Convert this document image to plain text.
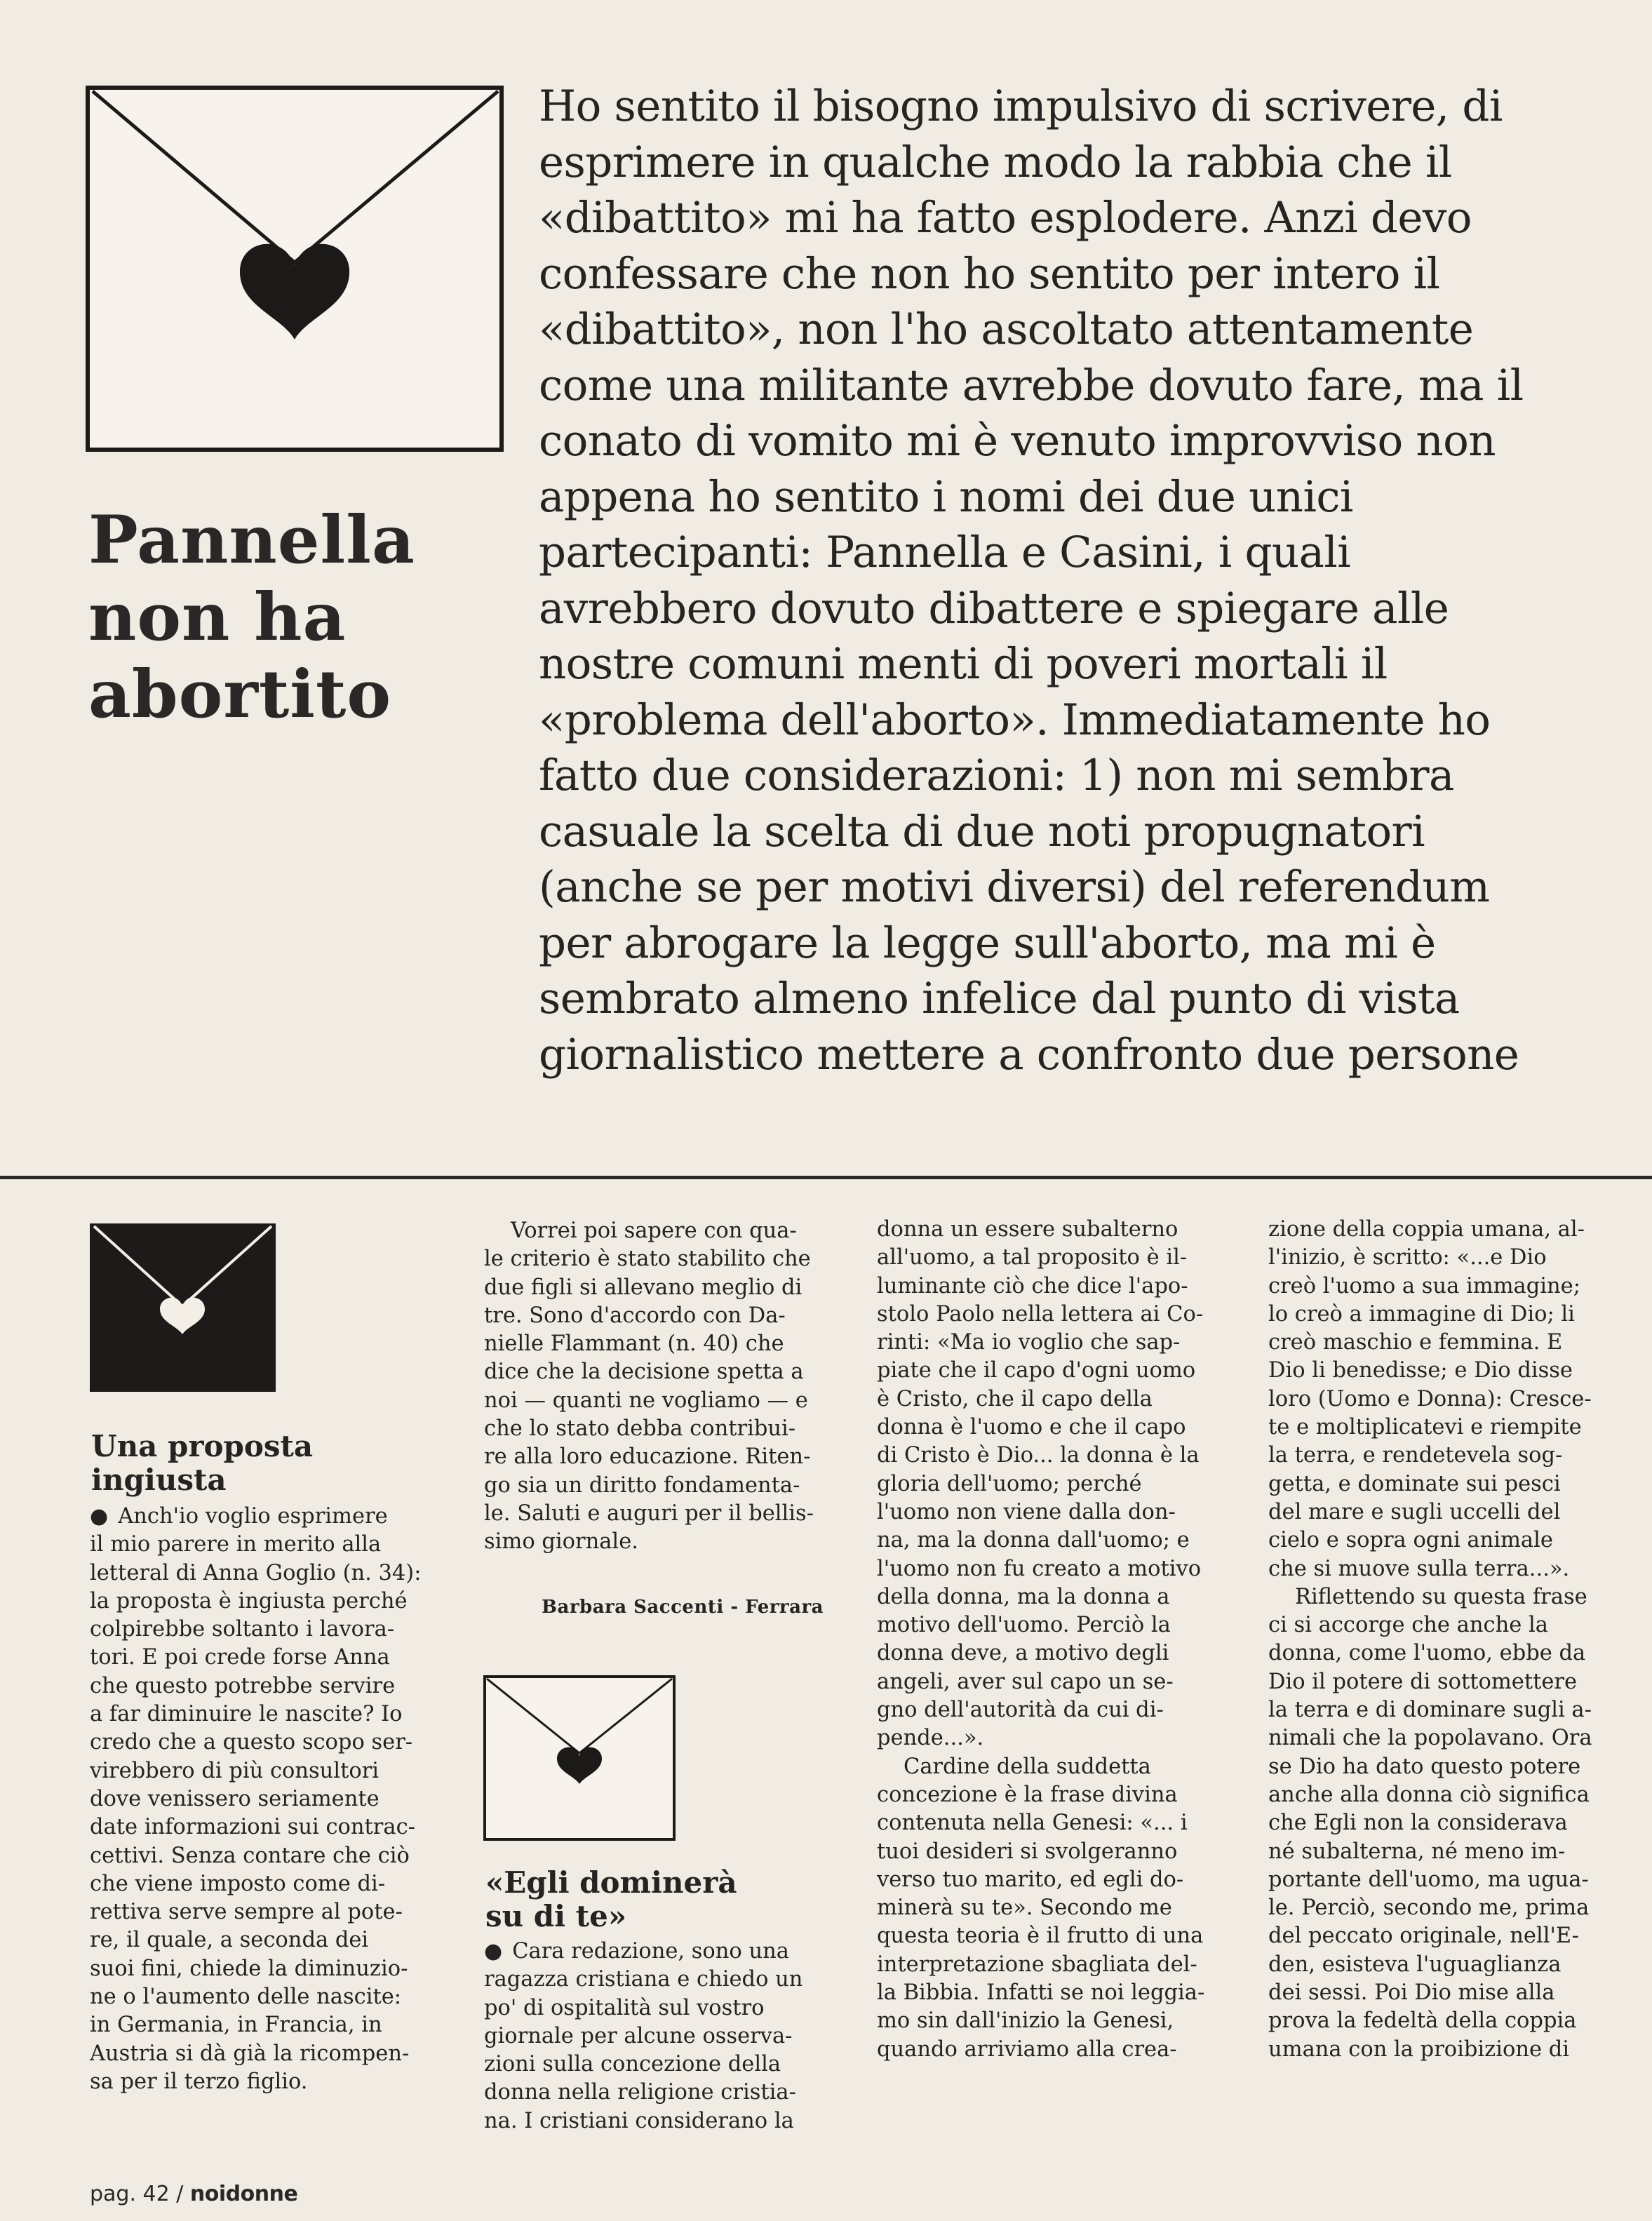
Pannella
non ha
abortito

Ho sentito il bisogno impulsivo di scrivere, di
esprimere in qualche modo la rabbia che il
«dibattito» mi ha fatto esplodere. Anzi devo
confessare che non ho sentito per intero il
«dibattito», non l'ho ascoltato attentamente
come una militante avrebbe dovuto fare, ma il
conato di vomito mi è venuto improvviso non
appena ho sentito i nomi dei due unici
partecipanti: Pannella e Casini, i quali
avrebbero dovuto dibattere e spiegare alle
nostre comuni menti di poveri mortali il
«problema dell'aborto». Immediatamente ho
fatto due considerazioni: 1) non mi sembra
casuale la scelta di due noti propugnatori
(anche se per motivi diversi) del referendum
per abrogare la legge sull'aborto, ma mi è
sembrato almeno infelice dal punto di vista
giornalistico mettere a confronto due persone

Una proposta
ingiusta
● Anch'io voglio esprimere
il mio parere in merito alla
letteral di Anna Goglio (n. 34):
la proposta è ingiusta perché
colpirebbe soltanto i lavora-
tori. E poi crede forse Anna
che questo potrebbe servire
a far diminuire le nascite? Io
credo che a questo scopo ser-
virebbero di più consultori
dove venissero seriamente
date informazioni sui contrac-
cettivi. Senza contare che ciò
che viene imposto come di-
rettiva serve sempre al pote-
re, il quale, a seconda dei
suoi fini, chiede la diminuzio-
ne o l'aumento delle nascite:
in Germania, in Francia, in
Austria si dà già la ricompen-
sa per il terzo figlio.
Vorrei poi sapere con qua-
le criterio è stato stabilito che
due figli si allevano meglio di
tre. Sono d'accordo con Da-
nielle Flammant (n. 40) che
dice che la decisione spetta a
noi — quanti ne vogliamo — e
che lo stato debba contribui-
re alla loro educazione. Riten-
go sia un diritto fondamenta-
le. Saluti e auguri per il bellis-
simo giornale.
Barbara Saccenti - Ferrara
«Egli dominerà
su di te»
● Cara redazione, sono una
ragazza cristiana e chiedo un
po' di ospitalità sul vostro
giornale per alcune osserva-
zioni sulla concezione della
donna nella religione cristia-
na. I cristiani considerano la
donna un essere subalterno
all'uomo, a tal proposito è il-
luminante ciò che dice l'apo-
stolo Paolo nella lettera ai Co-
rinti: «Ma io voglio che sap-
piate che il capo d'ogni uomo
è Cristo, che il capo della
donna è l'uomo e che il capo
di Cristo è Dio... la donna è la
gloria dell'uomo; perché
l'uomo non viene dalla don-
na, ma la donna dall'uomo; e
l'uomo non fu creato a motivo
della donna, ma la donna a
motivo dell'uomo. Perciò la
donna deve, a motivo degli
angeli, aver sul capo un se-
gno dell'autorità da cui di-
pende...».
Cardine della suddetta
concezione è la frase divina
contenuta nella Genesi: «... i
tuoi desideri si svolgeranno
verso tuo marito, ed egli do-
minerà su te». Secondo me
questa teoria è il frutto di una
interpretazione sbagliata del-
la Bibbia. Infatti se noi leggia-
mo sin dall'inizio la Genesi,
quando arriviamo alla crea-
zione della coppia umana, al-
l'inizio, è scritto: «...e Dio
creò l'uomo a sua immagine;
lo creò a immagine di Dio; li
creò maschio e femmina. E
Dio li benedisse; e Dio disse
loro (Uomo e Donna): Cresce-
te e moltiplicatevi e riempite
la terra, e rendetevela sog-
getta, e dominate sui pesci
del mare e sugli uccelli del
cielo e sopra ogni animale
che si muove sulla terra...».
Riflettendo su questa frase
ci si accorge che anche la
donna, come l'uomo, ebbe da
Dio il potere di sottomettere
la terra e di dominare sugli a-
nimali che la popolavano. Ora
se Dio ha dato questo potere
anche alla donna ciò significa
che Egli non la considerava
né subalterna, né meno im-
portante dell'uomo, ma ugua-
le. Perciò, secondo me, prima
del peccato originale, nell'E-
den, esisteva l'uguaglianza
dei sessi. Poi Dio mise alla
prova la fedeltà della coppia
umana con la proibizione di
pag. 42 / noidonne
